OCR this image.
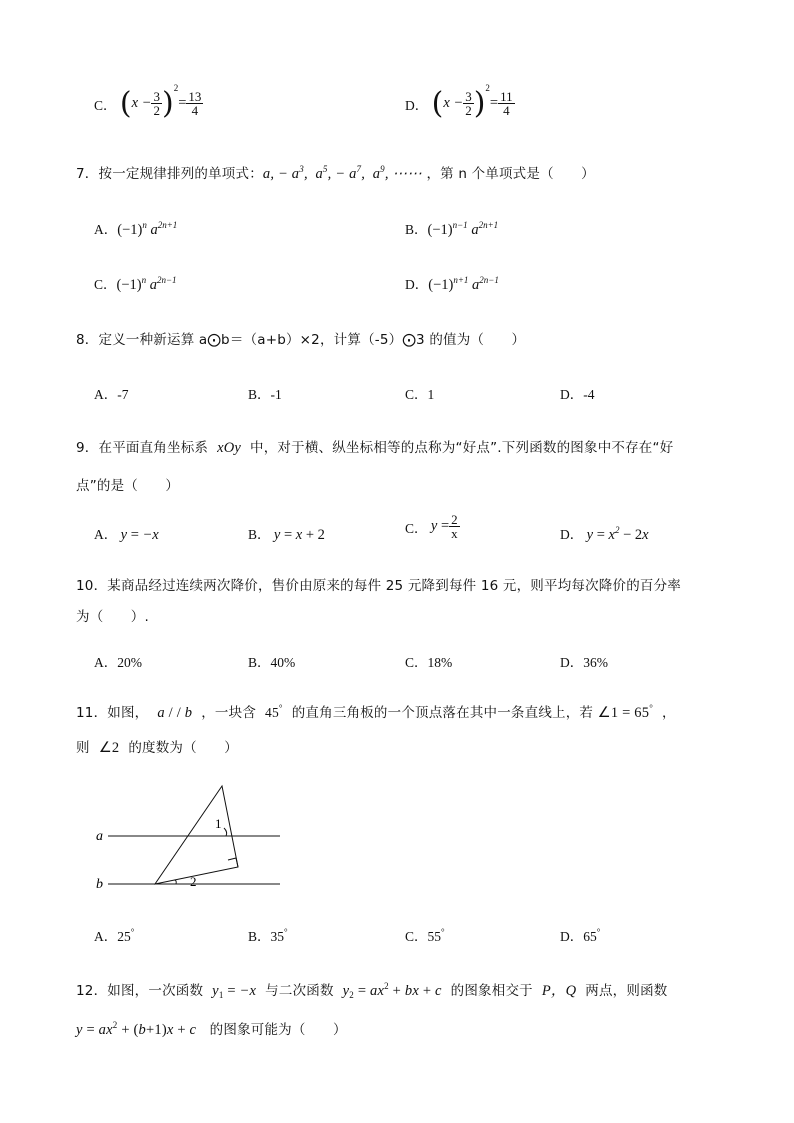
C． $(x - \frac{3}{2} )^2= \frac{13}{4}$	D． $(x - \frac{3}{2} )^2= \frac{11}{4}$
7．按一定规律排列的单项式：a, − $a^3$,  $a^5$, − $a^7$,  $a^9$, ⋯⋯ ，第 n 个单项式是（　　）
A．$(-1)^n$ $a^{2n+1}$	B．$(-1)^{n-1}$ $a^{2n+1}$
C．$(-1)^n$ $a^{2n-1}$	D．$(-1)^{n+1}$ $a^{2n-1}$
8．定义一种新运算 a⨀b＝（a+b）×2，计算（-5）⨀3 的值为（　　）
A．-7	B．-1	C．1	D．-4
9．在平面直角坐标系 xOy 中，对于横、纵坐标相等的点称为“好点”.下列函数的图象中不存在“好
点”的是（　　）
A． y = −x	B． y = x + 2	C． $y = \frac{2}{x}$	D． $y = x^2 - 2x$
10．某商品经过连续两次降价，售价由原来的每件 25 元降到每件 16 元，则平均每次降价的百分率
为（　　）.
A．20%	B．40%	C．18%	D．36%
11．如图， a / / b ，一块含 45° 的直角三角板的一个顶点落在其中一条直线上，若 ∠1 = 65°  ，
则 ∠2 的度数为（　　）
a
b
1
2
A．25°	B．35°	C．55°	D．65°
12．如图，一次函数 $y_1 = -x$ 与二次函数 $y_2 = ax^2$ + bx + c 的图象相交于 P，Q 两点，则函数
$y = ax^2 + (b+1)x + c$ 的图象可能为（　　）
